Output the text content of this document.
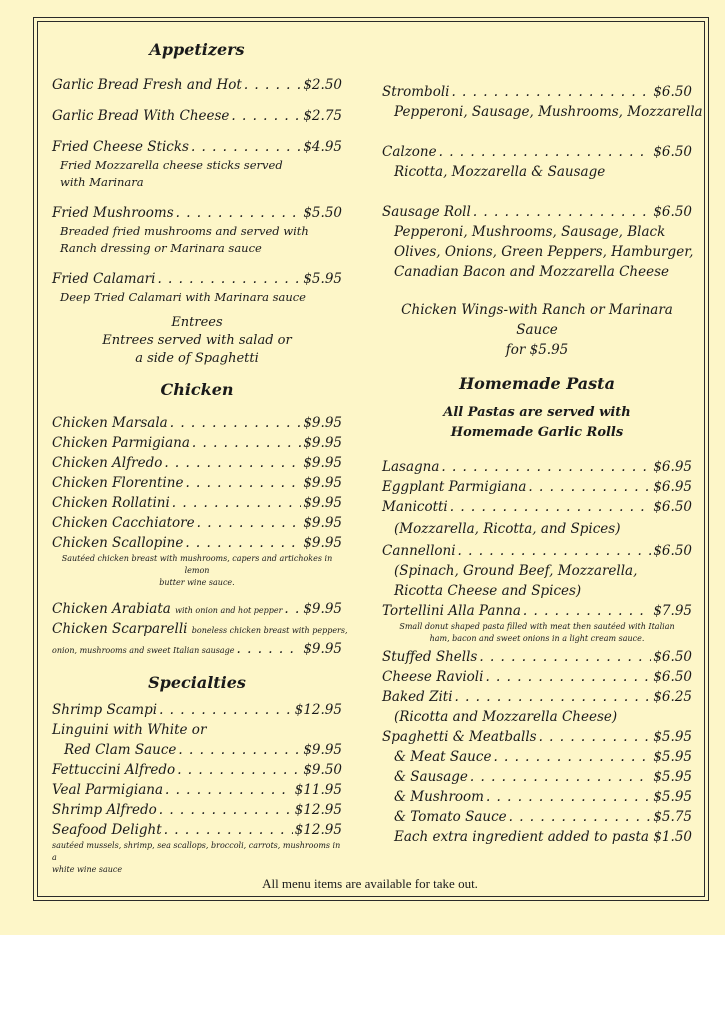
Appetizers
Garlic Bread Fresh and Hot . . .	$2.50
Garlic Bread With Cheese . . .	$2.75
Fried Cheese Sticks . . .	$4.95
Fried Mozzarella cheese sticks served
with Marinara
Fried Mushrooms . . .	$5.50
Breaded fried mushrooms and served with
Ranch dressing or Marinara sauce
Fried Calamari . . .	$5.95
Deep Tried Calamari with Marinara sauce
Entrees
Entrees served with salad or
a side of Spaghetti
Chicken
Chicken Marsala . . .	$9.95
Chicken Parmigiana . . .	$9.95
Chicken Alfredo . . .	$9.95
Chicken Florentine . . .	$9.95
Chicken Rollatini . . .	$9.95
Chicken Cacchiatore . . .	$9.95
Chicken Scallopine . . .	$9.95
Sautéed chicken breast with mushrooms, capers and artichokes in lemon
butter wine sauce.
Chicken Arabiata
with onion and hot pepper . . . $9.95
Chicken Scarparelli
boneless chicken breast with peppers,
onion, mushrooms and sweet Italian sausage . . .	$9.95
Specialties
Shrimp Scampi . . .	$12.95
Linguini with White or
Red Clam Sauce . . .	$9.95
Fettuccini Alfredo . . .	$9.50
Veal Parmigiana . . .	$11.95
Shrimp Alfredo . . .	$12.95
Seafood Delight . . .	$12.95
sautéed mussels, shrimp, sea scallops, broccoli, carrots, mushrooms in a
white wine sauce
Stromboli . . .	$6.50
Pepperoni, Sausage, Mushrooms, Mozzarella
Calzone . . .	$6.50
Ricotta, Mozzarella & Sausage
Sausage Roll . . .	$6.50
Pepperoni, Mushrooms, Sausage, Black
Olives, Onions, Green Peppers, Hamburger,
Canadian Bacon and Mozzarella Cheese
Chicken Wings-with Ranch or Marinara Sauce
for $5.95
Homemade Pasta
All Pastas are served with
Homemade Garlic Rolls
Lasagna . . .	$6.95
Eggplant Parmigiana . . .	$6.95
Manicotti . . .	$6.50
(Mozzarella, Ricotta, and Spices)
Cannelloni . . .	$6.50
(Spinach, Ground Beef, Mozzarella,
Ricotta Cheese and Spices)
Tortellini Alla Panna . . .	$7.95
Small donut shaped pasta filled with meat then sautéed with Italian
ham, bacon and sweet onions in a light cream sauce.
Stuffed Shells . . .	$6.50
Cheese Ravioli . . .	$6.50
Baked Ziti . . .	$6.25
(Ricotta and Mozzarella Cheese)
Spaghetti & Meatballs . . .	$5.95
& Meat Sauce . . .	$5.95
& Sausage . . .	$5.95
& Mushroom . . .	$5.95
& Tomato Sauce . . .	$5.75
Each extra ingredient added to pasta . . . $1.50
All menu items are available for take out.
